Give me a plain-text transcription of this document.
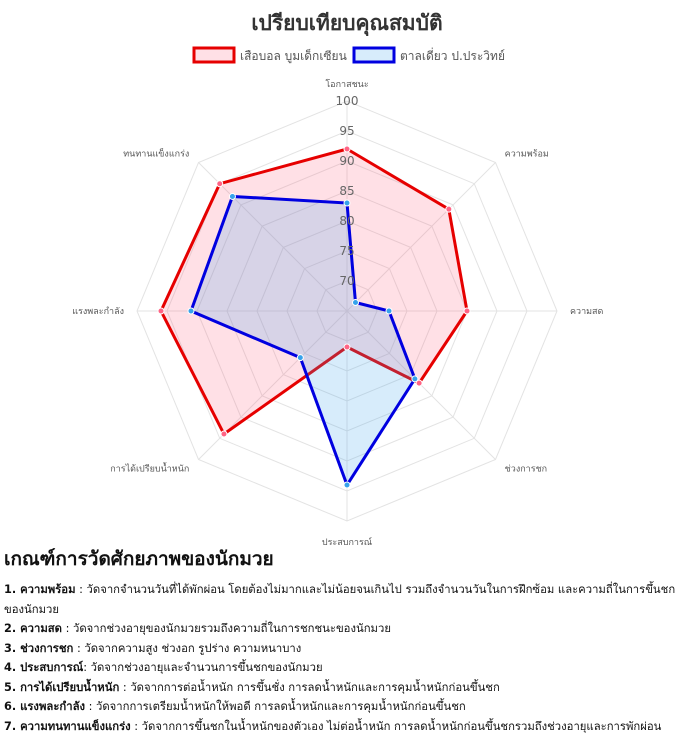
เปรียบเทียบคุณสมบัติ
เสือบอล บูมเด็กเซียน	ตาลเดี่ยว ป.ประวิทย์
70
75
80
85
90
95
100
โอกาสชนะ
ความพร้อม
ความสด
ช่วงการชก
ประสบการณ์
การได้เปรียบน้ำหนัก
แรงพละกำลัง
ทนทานแข็งแกร่ง
เกณฑ์การวัดศักยภาพของนักมวย
1. ความพร้อม : วัดจากจำนวนวันที่ได้พักผ่อน โดยต้องไม่มากและไม่น้อยจนเกินไป รวมถึงจำนวนวันในการฝึกซ้อม และความถี่ในการขึ้นชกของนักมวย
2. ความสด : วัดจากช่วงอายุของนักมวยรวมถึงความถี่ในการชกชนะของนักมวย
3. ช่วงการชก : วัดจากความสูง ช่วงอก รูปร่าง ความหนาบาง
4. ประสบการณ์: วัดจากช่วงอายุและจำนวนการขึ้นชกของนักมวย
5. การได้เปรียบน้ำหนัก : วัดจากการต่อน้ำหนัก การขึ้นชั่ง การลดน้ำหนักและการคุมน้ำหนักก่อนขึ้นชก
6. แรงพละกำลัง : วัดจากการเตรียมน้ำหนักให้พอดี การลดน้ำหนักและการคุมน้ำหนักก่อนขึ้นชก
7. ความทนทานแข็งแกร่ง : วัดจากการขึ้นชกในน้ำหนักของตัวเอง ไม่ต่อน้ำหนัก การลดน้ำหนักก่อนขึ้นชกรวมถึงช่วงอายุและการพักผ่อน
